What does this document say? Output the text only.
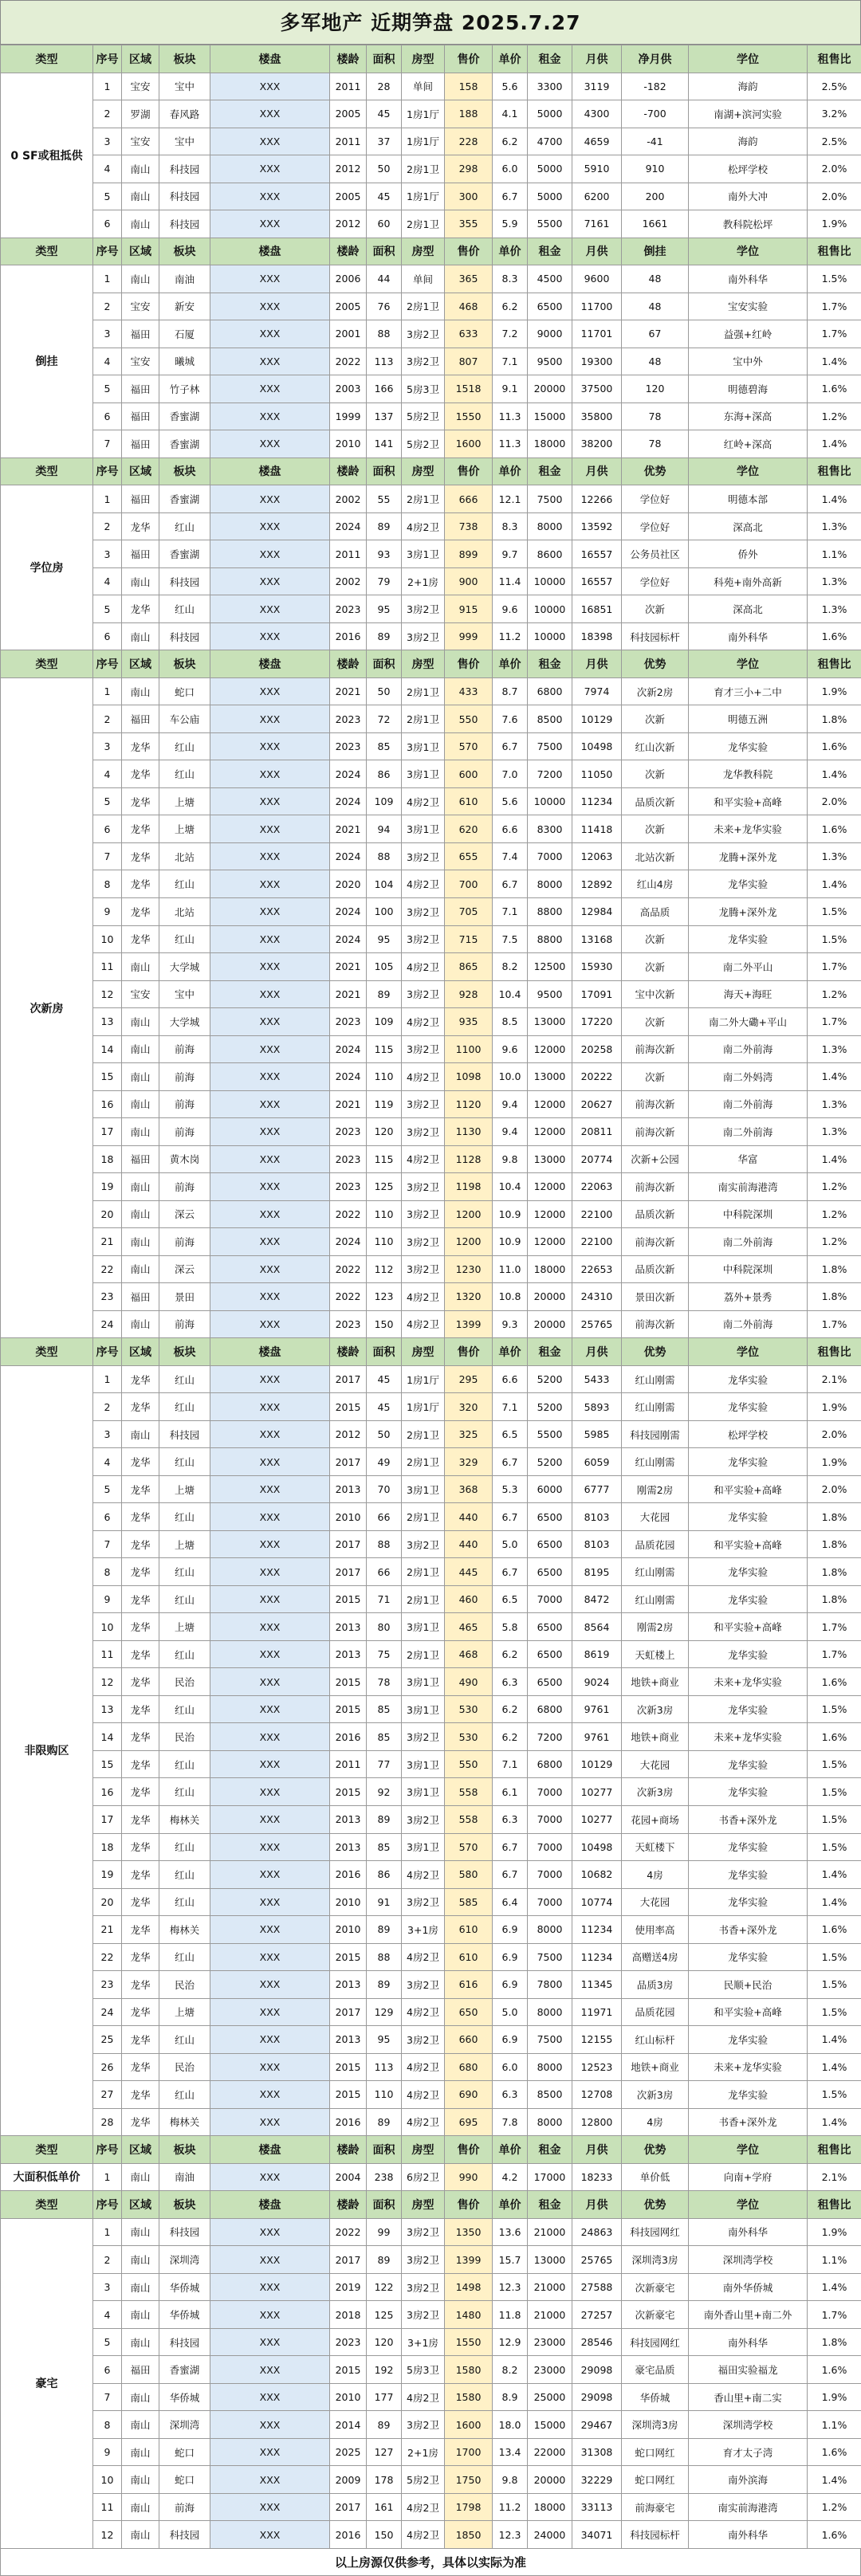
多军地产 近期笋盘 2025.7.27
类型	序号	区域	板块	楼盘	楼龄	面积	房型	售价	单价	租金	月供	净月供	学位	租售比
0 SF或租抵供	1	宝安	宝中	XXX	2011	28	单间	158	5.6	3300	3119	-182	海韵	2.5%
	2	罗湖	春风路	XXX	2005	45	1房1厅	188	4.1	5000	4300	-700	南湖+滨河实验	3.2%
	3	宝安	宝中	XXX	2011	37	1房1厅	228	6.2	4700	4659	-41	海韵	2.5%
	4	南山	科技园	XXX	2012	50	2房1卫	298	6.0	5000	5910	910	松坪学校	2.0%
	5	南山	科技园	XXX	2005	45	1房1厅	300	6.7	5000	6200	200	南外大冲	2.0%
	6	南山	科技园	XXX	2012	60	2房1卫	355	5.9	5500	7161	1661	教科院松坪	1.9%
类型	序号	区域	板块	楼盘	楼龄	面积	房型	售价	单价	租金	月供	倒挂	学位	租售比
倒挂	1	南山	南油	XXX	2006	44	单间	365	8.3	4500	9600	48	南外科华	1.5%
	2	宝安	新安	XXX	2005	76	2房1卫	468	6.2	6500	11700	48	宝安实验	1.7%
	3	福田	石厦	XXX	2001	88	3房2卫	633	7.2	9000	11701	67	益强+红岭	1.7%
	4	宝安	曦城	XXX	2022	113	3房2卫	807	7.1	9500	19300	48	宝中外	1.4%
	5	福田	竹子林	XXX	2003	166	5房3卫	1518	9.1	20000	37500	120	明德碧海	1.6%
	6	福田	香蜜湖	XXX	1999	137	5房2卫	1550	11.3	15000	35800	78	东海+深高	1.2%
	7	福田	香蜜湖	XXX	2010	141	5房2卫	1600	11.3	18000	38200	78	红岭+深高	1.4%
类型	序号	区域	板块	楼盘	楼龄	面积	房型	售价	单价	租金	月供	优势	学位	租售比
学位房	1	福田	香蜜湖	XXX	2002	55	2房1卫	666	12.1	7500	12266	学位好	明德本部	1.4%
	2	龙华	红山	XXX	2024	89	4房2卫	738	8.3	8000	13592	学位好	深高北	1.3%
	3	福田	香蜜湖	XXX	2011	93	3房1卫	899	9.7	8600	16557	公务员社区	侨外	1.1%
	4	南山	科技园	XXX	2002	79	2+1房	900	11.4	10000	16557	学位好	科苑+南外高新	1.3%
	5	龙华	红山	XXX	2023	95	3房2卫	915	9.6	10000	16851	次新	深高北	1.3%
	6	南山	科技园	XXX	2016	89	3房2卫	999	11.2	10000	18398	科技园标杆	南外科华	1.6%
类型	序号	区域	板块	楼盘	楼龄	面积	房型	售价	单价	租金	月供	优势	学位	租售比
次新房	1	南山	蛇口	XXX	2021	50	2房1卫	433	8.7	6800	7974	次新2房	育才三小+二中	1.9%
	2	福田	车公庙	XXX	2023	72	2房1卫	550	7.6	8500	10129	次新	明德五洲	1.8%
	3	龙华	红山	XXX	2023	85	3房1卫	570	6.7	7500	10498	红山次新	龙华实验	1.6%
	4	龙华	红山	XXX	2024	86	3房1卫	600	7.0	7200	11050	次新	龙华教科院	1.4%
	5	龙华	上塘	XXX	2024	109	4房2卫	610	5.6	10000	11234	品质次新	和平实验+高峰	2.0%
	6	龙华	上塘	XXX	2021	94	3房1卫	620	6.6	8300	11418	次新	未来+龙华实验	1.6%
	7	龙华	北站	XXX	2024	88	3房2卫	655	7.4	7000	12063	北站次新	龙腾+深外龙	1.3%
	8	龙华	红山	XXX	2020	104	4房2卫	700	6.7	8000	12892	红山4房	龙华实验	1.4%
	9	龙华	北站	XXX	2024	100	3房2卫	705	7.1	8800	12984	高品质	龙腾+深外龙	1.5%
	10	龙华	红山	XXX	2024	95	3房2卫	715	7.5	8800	13168	次新	龙华实验	1.5%
	11	南山	大学城	XXX	2021	105	4房2卫	865	8.2	12500	15930	次新	南二外平山	1.7%
	12	宝安	宝中	XXX	2021	89	3房2卫	928	10.4	9500	17091	宝中次新	海天+海旺	1.2%
	13	南山	大学城	XXX	2023	109	4房2卫	935	8.5	13000	17220	次新	南二外大磡+平山	1.7%
	14	南山	前海	XXX	2024	115	3房2卫	1100	9.6	12000	20258	前海次新	南二外前海	1.3%
	15	南山	前海	XXX	2024	110	4房2卫	1098	10.0	13000	20222	次新	南二外妈湾	1.4%
	16	南山	前海	XXX	2021	119	3房2卫	1120	9.4	12000	20627	前海次新	南二外前海	1.3%
	17	南山	前海	XXX	2023	120	3房2卫	1130	9.4	12000	20811	前海次新	南二外前海	1.3%
	18	福田	黄木岗	XXX	2023	115	4房2卫	1128	9.8	13000	20774	次新+公园	华富	1.4%
	19	南山	前海	XXX	2023	125	3房2卫	1198	10.4	12000	22063	前海次新	南实前海港湾	1.2%
	20	南山	深云	XXX	2022	110	3房2卫	1200	10.9	12000	22100	品质次新	中科院深圳	1.2%
	21	南山	前海	XXX	2024	110	3房2卫	1200	10.9	12000	22100	前海次新	南二外前海	1.2%
	22	南山	深云	XXX	2022	112	3房2卫	1230	11.0	18000	22653	品质次新	中科院深圳	1.8%
	23	福田	景田	XXX	2022	123	4房2卫	1320	10.8	20000	24310	景田次新	荔外+景秀	1.8%
	24	南山	前海	XXX	2023	150	4房2卫	1399	9.3	20000	25765	前海次新	南二外前海	1.7%
类型	序号	区域	板块	楼盘	楼龄	面积	房型	售价	单价	租金	月供	优势	学位	租售比
非限购区	1	龙华	红山	XXX	2017	45	1房1厅	295	6.6	5200	5433	红山刚需	龙华实验	2.1%
	2	龙华	红山	XXX	2015	45	1房1厅	320	7.1	5200	5893	红山刚需	龙华实验	1.9%
	3	南山	科技园	XXX	2012	50	2房1卫	325	6.5	5500	5985	科技园刚需	松坪学校	2.0%
	4	龙华	红山	XXX	2017	49	2房1卫	329	6.7	5200	6059	红山刚需	龙华实验	1.9%
	5	龙华	上塘	XXX	2013	70	3房1卫	368	5.3	6000	6777	刚需2房	和平实验+高峰	2.0%
	6	龙华	红山	XXX	2010	66	2房1卫	440	6.7	6500	8103	大花园	龙华实验	1.8%
	7	龙华	上塘	XXX	2017	88	3房2卫	440	5.0	6500	8103	品质花园	和平实验+高峰	1.8%
	8	龙华	红山	XXX	2017	66	2房1卫	445	6.7	6500	8195	红山刚需	龙华实验	1.8%
	9	龙华	红山	XXX	2015	71	2房1卫	460	6.5	7000	8472	红山刚需	龙华实验	1.8%
	10	龙华	上塘	XXX	2013	80	3房1卫	465	5.8	6500	8564	刚需2房	和平实验+高峰	1.7%
	11	龙华	红山	XXX	2013	75	2房1卫	468	6.2	6500	8619	天虹楼上	龙华实验	1.7%
	12	龙华	民治	XXX	2015	78	3房1卫	490	6.3	6500	9024	地铁+商业	未来+龙华实验	1.6%
	13	龙华	红山	XXX	2015	85	3房1卫	530	6.2	6800	9761	次新3房	龙华实验	1.5%
	14	龙华	民治	XXX	2016	85	3房2卫	530	6.2	7200	9761	地铁+商业	未来+龙华实验	1.6%
	15	龙华	红山	XXX	2011	77	3房1卫	550	7.1	6800	10129	大花园	龙华实验	1.5%
	16	龙华	红山	XXX	2015	92	3房1卫	558	6.1	7000	10277	次新3房	龙华实验	1.5%
	17	龙华	梅林关	XXX	2013	89	3房2卫	558	6.3	7000	10277	花园+商场	书香+深外龙	1.5%
	18	龙华	红山	XXX	2013	85	3房1卫	570	6.7	7000	10498	天虹楼下	龙华实验	1.5%
	19	龙华	红山	XXX	2016	86	4房2卫	580	6.7	7000	10682	4房	龙华实验	1.4%
	20	龙华	红山	XXX	2010	91	3房2卫	585	6.4	7000	10774	大花园	龙华实验	1.4%
	21	龙华	梅林关	XXX	2010	89	3+1房	610	6.9	8000	11234	使用率高	书香+深外龙	1.6%
	22	龙华	红山	XXX	2015	88	4房2卫	610	6.9	7500	11234	高赠送4房	龙华实验	1.5%
	23	龙华	民治	XXX	2013	89	3房2卫	616	6.9	7800	11345	品质3房	民顺+民治	1.5%
	24	龙华	上塘	XXX	2017	129	4房2卫	650	5.0	8000	11971	品质花园	和平实验+高峰	1.5%
	25	龙华	红山	XXX	2013	95	3房2卫	660	6.9	7500	12155	红山标杆	龙华实验	1.4%
	26	龙华	民治	XXX	2015	113	4房2卫	680	6.0	8000	12523	地铁+商业	未来+龙华实验	1.4%
	27	龙华	红山	XXX	2015	110	4房2卫	690	6.3	8500	12708	次新3房	龙华实验	1.5%
	28	龙华	梅林关	XXX	2016	89	4房2卫	695	7.8	8000	12800	4房	书香+深外龙	1.4%
类型	序号	区域	板块	楼盘	楼龄	面积	房型	售价	单价	租金	月供	优势	学位	租售比
大面积低单价	1	南山	南油	XXX	2004	238	6房2卫	990	4.2	17000	18233	单价低	向南+学府	2.1%
类型	序号	区域	板块	楼盘	楼龄	面积	房型	售价	单价	租金	月供	优势	学位	租售比
豪宅	1	南山	科技园	XXX	2022	99	3房2卫	1350	13.6	21000	24863	科技园网红	南外科华	1.9%
	2	南山	深圳湾	XXX	2017	89	3房2卫	1399	15.7	13000	25765	深圳湾3房	深圳湾学校	1.1%
	3	南山	华侨城	XXX	2019	122	3房2卫	1498	12.3	21000	27588	次新豪宅	南外华侨城	1.4%
	4	南山	华侨城	XXX	2018	125	3房2卫	1480	11.8	21000	27257	次新豪宅	南外香山里+南二外	1.7%
	5	南山	科技园	XXX	2023	120	3+1房	1550	12.9	23000	28546	科技园网红	南外科华	1.8%
	6	福田	香蜜湖	XXX	2015	192	5房3卫	1580	8.2	23000	29098	豪宅品质	福田实验福龙	1.6%
	7	南山	华侨城	XXX	2010	177	4房2卫	1580	8.9	25000	29098	华侨城	香山里+南二实	1.9%
	8	南山	深圳湾	XXX	2014	89	3房2卫	1600	18.0	15000	29467	深圳湾3房	深圳湾学校	1.1%
	9	南山	蛇口	XXX	2025	127	2+1房	1700	13.4	22000	31308	蛇口网红	育才太子湾	1.6%
	10	南山	蛇口	XXX	2009	178	5房2卫	1750	9.8	20000	32229	蛇口网红	南外滨海	1.4%
	11	南山	前海	XXX	2017	161	4房2卫	1798	11.2	18000	33113	前海豪宅	南实前海港湾	1.2%
	12	南山	科技园	XXX	2016	150	4房2卫	1850	12.3	24000	34071	科技园标杆	南外科华	1.6%
以上房源仅供参考，具体以实际为准
